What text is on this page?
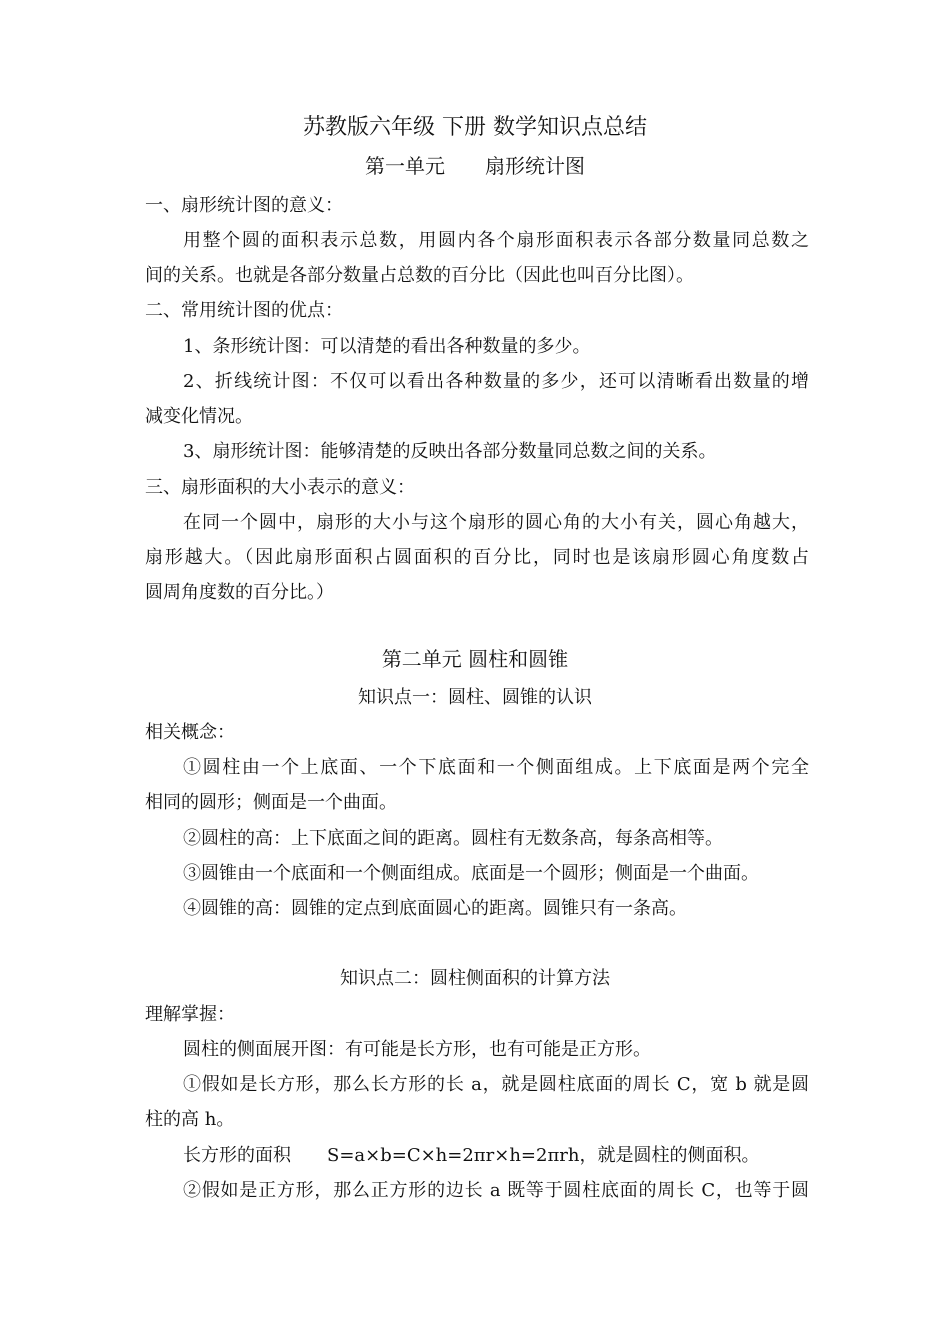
苏教版六年级 下册 数学知识点总结
第一单元　　扇形统计图
一、扇形统计图的意义：
用整个圆的面积表示总数，用圆内各个扇形面积表示各部分数量同总数之
间的关系。也就是各部分数量占总数的百分比（因此也叫百分比图）。
二、常用统计图的优点：
1、条形统计图：可以清楚的看出各种数量的多少。
2、折线统计图：不仅可以看出各种数量的多少，还可以清晰看出数量的增
减变化情况。
3、扇形统计图：能够清楚的反映出各部分数量同总数之间的关系。
三、扇形面积的大小表示的意义：
在同一个圆中，扇形的大小与这个扇形的圆心角的大小有关，圆心角越大，
扇形越大。（因此扇形面积占圆面积的百分比，同时也是该扇形圆心角度数占
圆周角度数的百分比。）
第二单元 圆柱和圆锥
知识点一：圆柱、圆锥的认识
相关概念：
①圆柱由一个上底面、一个下底面和一个侧面组成。上下底面是两个完全
相同的圆形；侧面是一个曲面。
②圆柱的高：上下底面之间的距离。圆柱有无数条高，每条高相等。
③圆锥由一个底面和一个侧面组成。底面是一个圆形；侧面是一个曲面。
④圆锥的高：圆锥的定点到底面圆心的距离。圆锥只有一条高。
知识点二：圆柱侧面积的计算方法
理解掌握：
圆柱的侧面展开图：有可能是长方形，也有可能是正方形。
①假如是长方形，那么长方形的长 a，就是圆柱底面的周长 C，宽 b 就是圆
柱的高 h。
长方形的面积　　S=a×b=C×h=2πr×h=2πrh，就是圆柱的侧面积。
②假如是正方形，那么正方形的边长 a 既等于圆柱底面的周长 C，也等于圆
